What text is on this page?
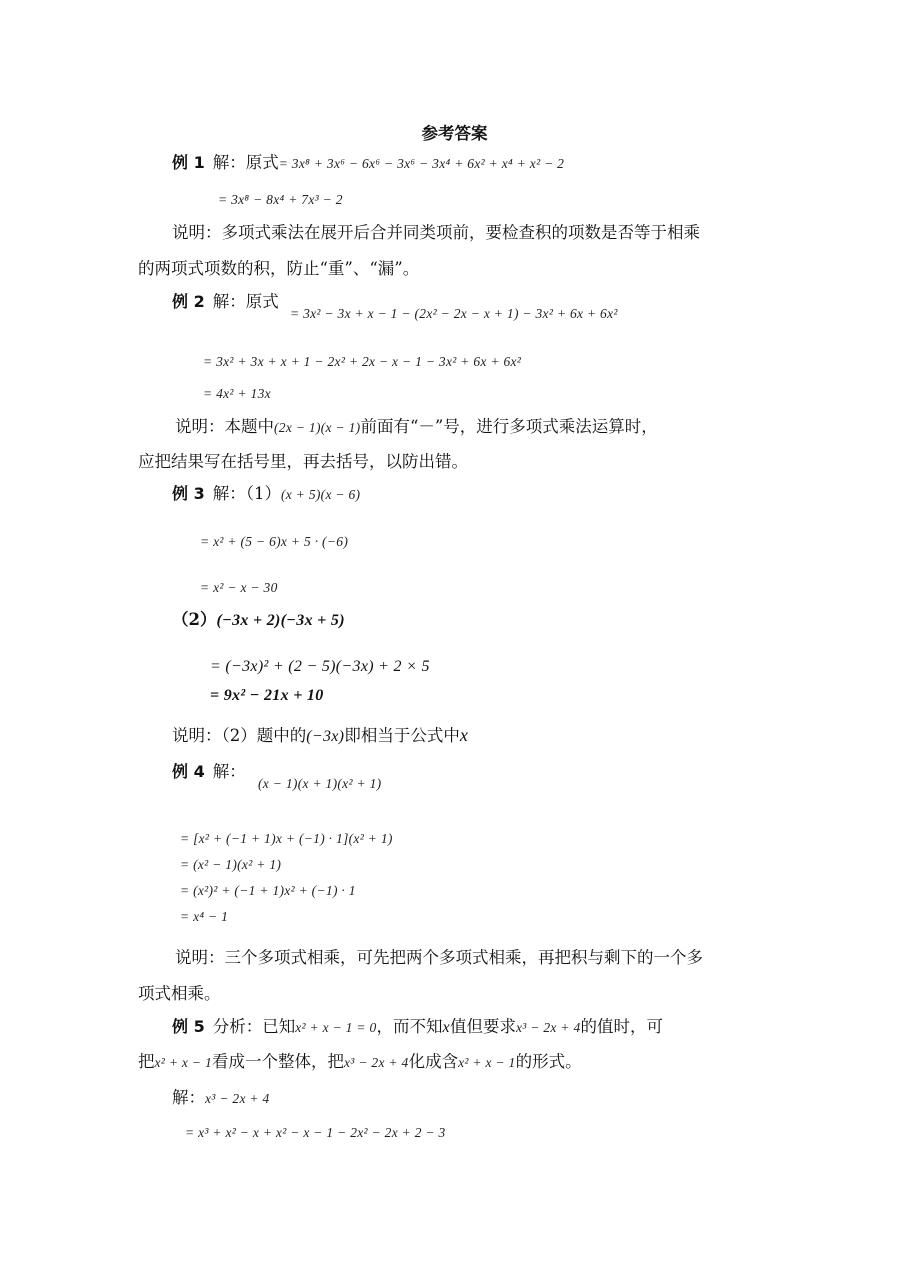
参考答案
例 1 解：原式= 3x⁸ + 3x⁶ − 6x⁶ − 3x⁶ − 3x⁴ + 6x² + x⁴ + x² − 2
= 3x⁸ − 8x⁴ + 7x³ − 2
说明：多项式乘法在展开后合并同类项前，要检查积的项数是否等于相乘
的两项式项数的积，防止“重”、“漏”。
例 2 解：原式
= 3x² − 3x + x − 1 − (2x² − 2x − x + 1) − 3x² + 6x + 6x²
= 3x² + 3x + x + 1 − 2x² + 2x − x − 1 − 3x² + 6x + 6x²
= 4x² + 13x
说明：本题中(2x − 1)(x − 1)前面有“－”号，进行多项式乘法运算时，
应把结果写在括号里，再去括号，以防出错。
例 3 解：（1）(x + 5)(x − 6)
= x² + (5 − 6)x + 5 · (−6)
= x² − x − 30
（2）(−3x + 2)(−3x + 5)
= (−3x)² + (2 − 5)(−3x) + 2 × 5
= 9x² − 21x + 10
说明：（2）题中的(−3x)即相当于公式中x
例 4 解：
(x − 1)(x + 1)(x² + 1)
= [x² + (−1 + 1)x + (−1) · 1](x² + 1)
= (x² − 1)(x² + 1)
= (x²)² + (−1 + 1)x² + (−1) · 1
= x⁴ − 1
说明：三个多项式相乘，可先把两个多项式相乘，再把积与剩下的一个多
项式相乘。
例 5 分析：已知x² + x − 1 = 0，而不知x值但要求x³ − 2x + 4的值时，可
把x² + x − 1看成一个整体，把x³ − 2x + 4化成含x² + x − 1的形式。
解：x³ − 2x + 4
= x³ + x² − x + x² − x − 1 − 2x² − 2x + 2 − 3
